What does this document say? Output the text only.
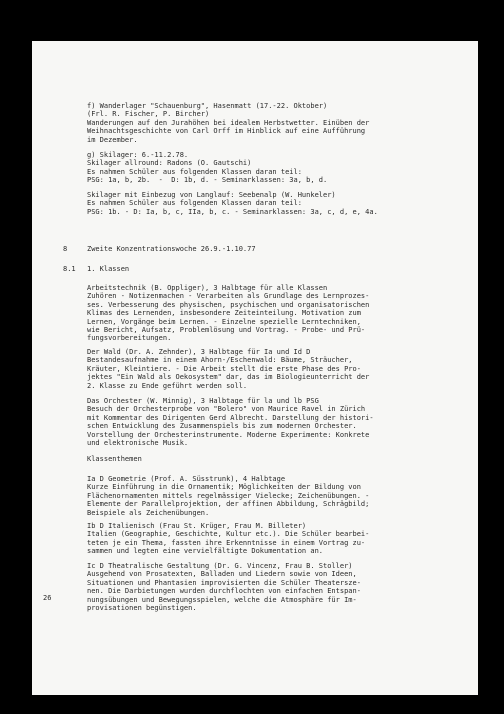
f) Wanderlager "Schauenburg", Hasenmatt (17.-22. Oktober)
(Frl. R. Fischer, P. Bircher)
Wanderungen auf den Jurahöhen bei idealem Herbstwetter. Einüben der
Weihnachtsgeschichte von Carl Orff im Hinblick auf eine Aufführung
im Dezember.
g) Skilager: 6.-11.2.78.
Skilager allround: Radons (O. Gautschi)
Es nahmen Schüler aus folgenden Klassen daran teil:
PSG: 1a, b, 2b.  -  D: 1b, d. - Seminarklassen: 3a, b, d.
Skilager mit Einbezug von Langlauf: Seebenalp (W. Hunkeler)
Es nahmen Schüler aus folgenden Klassen daran teil:
PSG: 1b. - D: Ia, b, c, IIa, b, c. - Seminarklassen: 3a, c, d, e, 4a.
8	Zweite Konzentrationswoche 26.9.-1.10.77
8.1 1. Klassen
Arbeitstechnik (B. Oppliger), 3 Halbtage für alle Klassen
Zuhören - Notizenmachen - Verarbeiten als Grundlage des Lernprozes-
ses. Verbesserung des physischen, psychischen und organisatorischen
Klimas des Lernenden, insbesondere Zeiteinteilung. Motivation zum
Lernen, Vorgänge beim Lernen. - Einzelne spezielle Lerntechniken,
wie Bericht, Aufsatz, Problemlösung und Vortrag. - Probe- und Prü-
fungsvorbereitungen.
Der Wald (Dr. A. Zehnder), 3 Halbtage für Ia und Id D
Bestandesaufnahme in einem Ahorn-/Eschenwald: Bäume, Sträucher,
Kräuter, Kleintiere. - Die Arbeit stellt die erste Phase des Pro-
jektes "Ein Wald als Oekosystem" dar, das im Biologieunterricht der
2. Klasse zu Ende geführt werden soll.
Das Orchester (W. Minnig), 3 Halbtage für la und lb PSG
Besuch der Orchesterprobe von "Bolero" von Maurice Ravel in Zürich
mit Kommentar des Dirigenten Gerd Albrecht. Darstellung der histori-
schen Entwicklung des Zusammenspiels bis zum modernen Orchester.
Vorstellung der Orchesterinstrumente. Moderne Experimente: Konkrete
und elektronische Musik.
Klassenthemen
Ia D Geometrie (Prof. A. Süsstrunk), 4 Halbtage
Kurze Einführung in die Ornamentik; Möglichkeiten der Bildung von
Flächenornamenten mittels regelmässiger Vielecke; Zeichenübungen. -
Elemente der Parallelprojektion, der affinen Abbildung, Schrägbild;
Beispiele als Zeichenübungen.
Ib D Italienisch (Frau St. Krüger, Frau M. Billeter)
Italien (Geographie, Geschichte, Kultur etc.). Die Schüler bearbei-
teten je ein Thema, fassten ihre Erkenntnisse in einem Vortrag zu-
sammen und legten eine vervielfältigte Dokumentation an.
Ic D Theatralische Gestaltung (Dr. G. Vincenz, Frau B. Stoller)
Ausgehend von Prosatexten, Balladen und Liedern sowie von Ideen,
Situationen und Phantasien improvisierten die Schüler Theatersze-
nen. Die Darbietungen wurden durchflochten von einfachen Entspan-
nungsübungen und Bewegungsspielen, welche die Atmosphäre für Im-
provisationen begünstigen.
26
